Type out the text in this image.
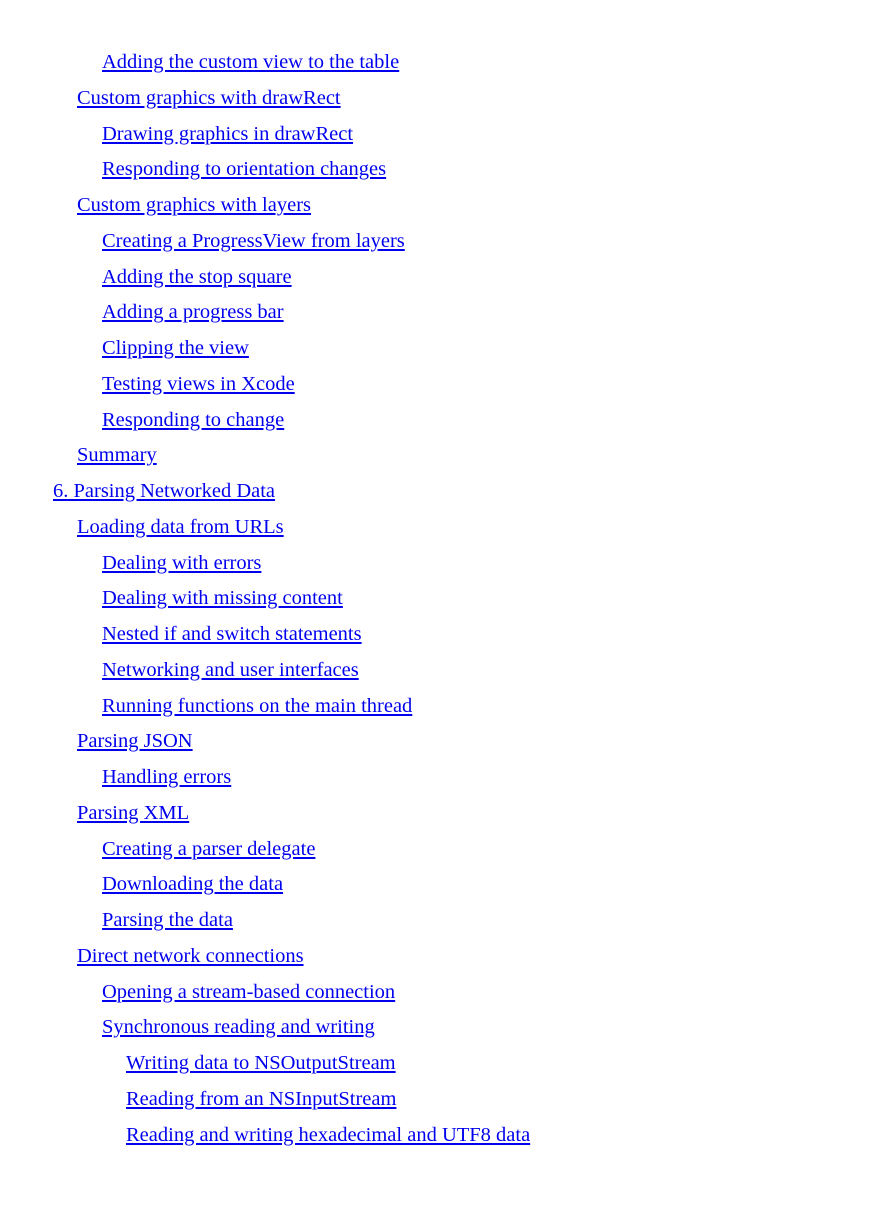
Adding the custom view to the table
Custom graphics with drawRect
Drawing graphics in drawRect
Responding to orientation changes
Custom graphics with layers
Creating a ProgressView from layers
Adding the stop square
Adding a progress bar
Clipping the view
Testing views in Xcode
Responding to change
Summary
6. Parsing Networked Data
Loading data from URLs
Dealing with errors
Dealing with missing content
Nested if and switch statements
Networking and user interfaces
Running functions on the main thread
Parsing JSON
Handling errors
Parsing XML
Creating a parser delegate
Downloading the data
Parsing the data
Direct network connections
Opening a stream-based connection
Synchronous reading and writing
Writing data to NSOutputStream
Reading from an NSInputStream
Reading and writing hexadecimal and UTF8 data
